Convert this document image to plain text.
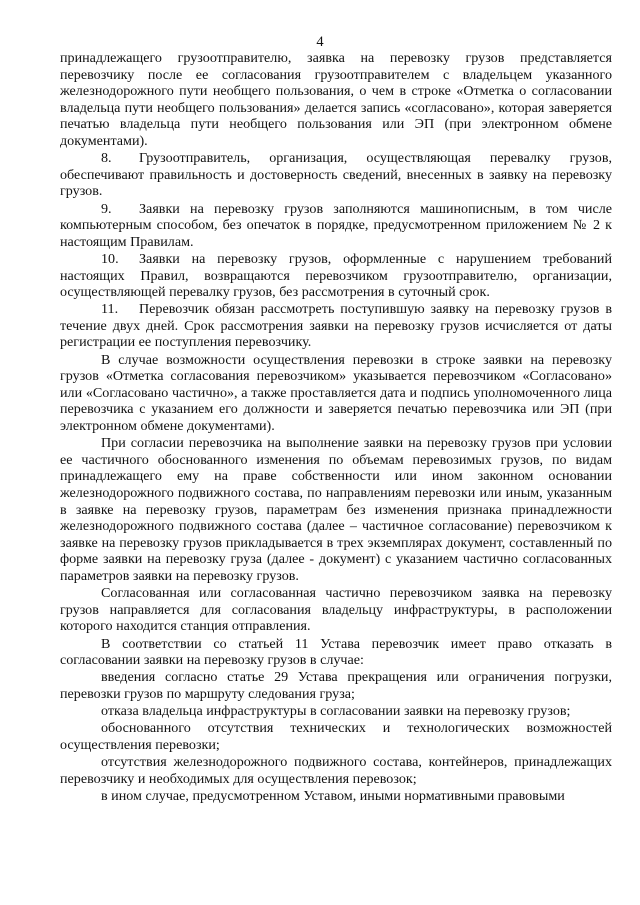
4

принадлежащего грузоотправителю, заявка на перевозку грузов представляется перевозчику после ее согласования грузоотправителем с владельцем указанного железнодорожного пути необщего пользования, о чем в строке «Отметка о согласовании владельца пути необщего пользования» делается запись «согласовано», которая заверяется печатью владельца пути необщего пользования или ЭП (при электронном обмене документами).

8. Грузоотправитель, организация, осуществляющая перевалку грузов, обеспечивают правильность и достоверность сведений, внесенных в заявку на перевозку грузов.

9. Заявки на перевозку грузов заполняются машинописным, в том числе компьютерным способом, без опечаток в порядке, предусмотренном приложением № 2 к настоящим Правилам.

10. Заявки на перевозку грузов, оформленные с нарушением требований настоящих Правил, возвращаются перевозчиком грузоотправителю, организации, осуществляющей перевалку грузов, без рассмотрения в суточный срок.

11. Перевозчик обязан рассмотреть поступившую заявку на перевозку грузов в течение двух дней. Срок рассмотрения заявки на перевозку грузов исчисляется от даты регистрации ее поступления перевозчику.

В случае возможности осуществления перевозки в строке заявки на перевозку грузов «Отметка согласования перевозчиком» указывается перевозчиком «Согласовано» или «Согласовано частично», а также проставляется дата и подпись уполномоченного лица перевозчика с указанием его должности и заверяется печатью перевозчика или ЭП (при электронном обмене документами).

При согласии перевозчика на выполнение заявки на перевозку грузов при условии ее частичного обоснованного изменения по объемам перевозимых грузов, по видам принадлежащего ему на праве собственности или ином законном основании железнодорожного подвижного состава, по направлениям перевозки или иным, указанным в заявке на перевозку грузов, параметрам без изменения признака принадлежности железнодорожного подвижного состава (далее – частичное согласование) перевозчиком к заявке на перевозку грузов прикладывается в трех экземплярах документ, составленный по форме заявки на перевозку груза (далее - документ) с указанием частично согласованных параметров заявки на перевозку грузов.

Согласованная или согласованная частично перевозчиком заявка на перевозку грузов направляется для согласования владельцу инфраструктуры, в расположении которого находится станция отправления.

В соответствии со статьей 11 Устава перевозчик имеет право отказать в согласовании заявки на перевозку грузов в случае:

введения согласно статье 29 Устава прекращения или ограничения погрузки, перевозки грузов по маршруту следования груза;

отказа владельца инфраструктуры в согласовании заявки на перевозку грузов;

обоснованного отсутствия технических и технологических возможностей осуществления перевозки;

отсутствия железнодорожного подвижного состава, контейнеров, принадлежащих перевозчику и необходимых для осуществления перевозок;

в ином случае, предусмотренном Уставом, иными нормативными правовыми
